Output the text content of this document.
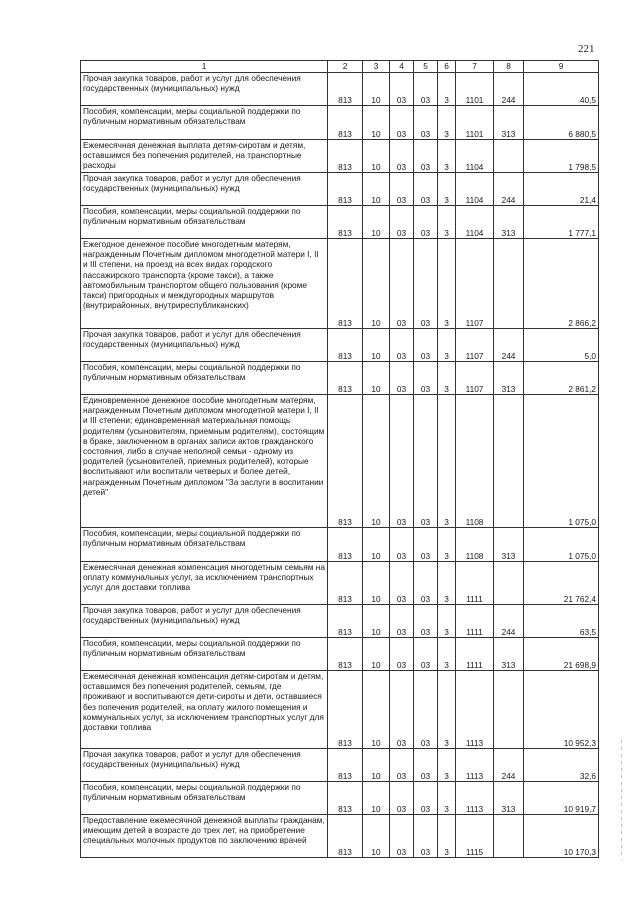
221
1	2	3	4	5	6	7	8	9
Прочая закупка товаров, работ и услуг для обеспечения государственных (муниципальных) нужд	813	10	03	03	3	1101	244	40,5
Пособия, компенсации, меры социальной поддержки по публичным нормативным обязательствам	813	10	03	03	3	1101	313	6 880,5
Ежемесячная денежная выплата детям-сиротам и детям, оставшимся без попечения родителей, на транспортные расходы	813	10	03	03	3	1104		1 798,5
Прочая закупка товаров, работ и услуг для обеспечения государственных (муниципальных) нужд	813	10	03	03	3	1104	244	21,4
Пособия, компенсации, меры социальной поддержки по публичным нормативным обязательствам	813	10	03	03	3	1104	313	1 777,1
Ежегодное денежное пособие многодетным матерям, награжденным Почетным дипломом многодетной матери I, II и III степени, на проезд на всех видах городского пассажирского транспорта (кроме такси), а также автомобильным транспортом общего пользования (кроме такси) пригородных и междугородных маршрутов (внутрирайонных, внутриреспубликанских)	813	10	03	03	3	1107		2 866,2
Прочая закупка товаров, работ и услуг для обеспечения государственных (муниципальных) нужд	813	10	03	03	3	1107	244	5,0
Пособия, компенсации, меры социальной поддержки по публичным нормативным обязательствам	813	10	03	03	3	1107	313	2 861,2
Единовременное денежное пособие многодетным матерям, награжденным Почетным дипломом многодетной матери I, II и III степени; единовременная материальная помощь родителям (усыновителям, приемным родителям), состоящим в браке, заключенном в органах записи актов гражданского состояния, либо в случае неполной семьи - одному из родителей (усыновителей, приемных родителей), которые воспитывают или воспитали четверых и более детей, награжденным Почетным дипломом "За заслуги в воспитании детей"	813	10	03	03	3	1108		1 075,0
Пособия, компенсации, меры социальной поддержки по публичным нормативным обязательствам	813	10	03	03	3	1108	313	1 075,0
Ежемесячная денежная компенсация многодетным семьям на оплату коммунальных услуг, за исключением транспортных услуг для доставки топлива	813	10	03	03	3	1111		21 762,4
Прочая закупка товаров, работ и услуг для обеспечения государственных (муниципальных) нужд	813	10	03	03	3	1111	244	63,5
Пособия, компенсации, меры социальной поддержки по публичным нормативным обязательствам	813	10	03	03	3	1111	313	21 698,9
Ежемесячная денежная компенсация детям-сиротам и детям, оставшимся без попечения родителей, семьям, где проживают и воспитываются дети-сироты и дети, оставшиеся без попечения родителей, на оплату жилого помещения и коммунальных услуг, за исключением транспортных услуг для доставки топлива	813	10	03	03	3	1113		10 952,3
Прочая закупка товаров, работ и услуг для обеспечения государственных (муниципальных) нужд	813	10	03	03	3	1113	244	32,6
Пособия, компенсации, меры социальной поддержки по публичным нормативным обязательствам	813	10	03	03	3	1113	313	10 919,7
Предоставление ежемесячной денежной выплаты гражданам, имеющим детей в возрасте до трех лет, на приобретение специальных молочных продуктов по заключению врачей	813	10	03	03	3	1115		10 170,3
